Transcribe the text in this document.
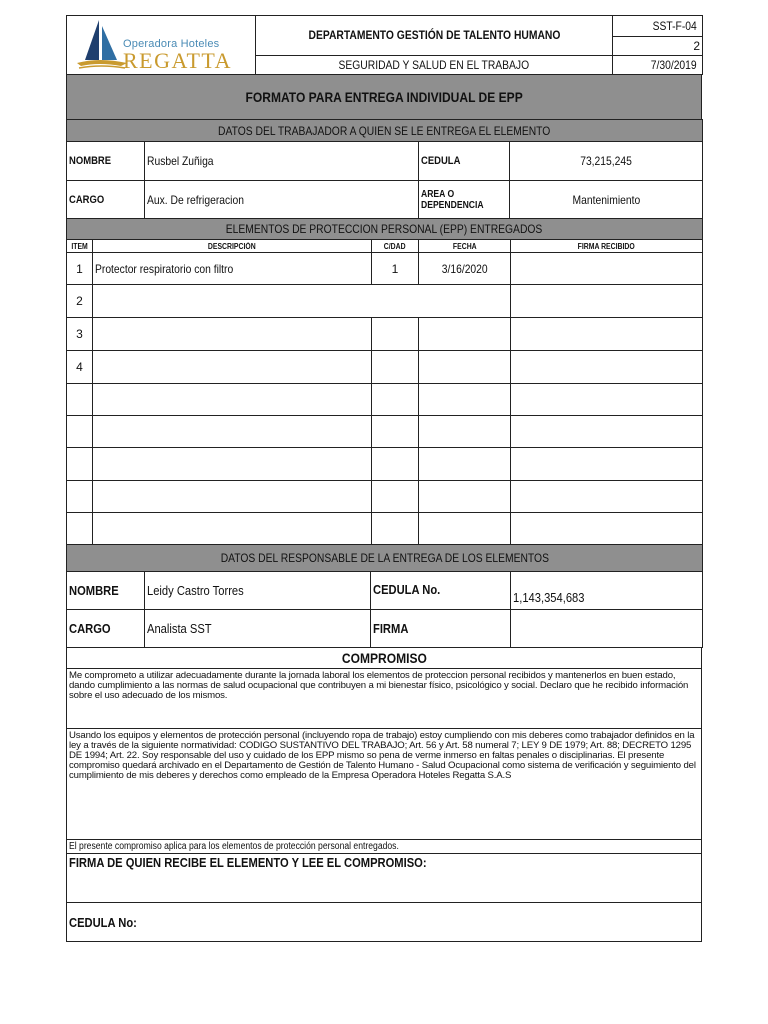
Operadora Hoteles
REGATTA	DEPARTAMENTO GESTIÓN DE TALENTO HUMANO	SST-F-04
		2
	SEGURIDAD Y SALUD EN EL TRABAJO	7/30/2019
FORMATO PARA ENTREGA INDIVIDUAL DE EPP
DATOS DEL TRABAJADOR A QUIEN SE LE ENTREGA EL ELEMENTO			
NOMBRE	Rusbel Zuñiga	CEDULA	73,215,245
CARGO	Aux. De refrigeracion	AREA O
DEPENDENCIA	Mantenimiento
ELEMENTOS DE PROTECCION PERSONAL (EPP) ENTREGADOS				
ITEM	DESCRIPCIÓN	C/DAD	FECHA	FIRMA RECIBIDO
1	Protector respiratorio con filtro	1	3/16/2020	
2				
3				
4				

DATOS DEL RESPONSABLE DE LA ENTREGA DE LOS ELEMENTOS			
NOMBRE	Leidy Castro Torres	CEDULA No.	1,143,354,683
CARGO	Analista SST	FIRMA	
COMPROMISO
Me comprometo a utilizar adecuadamente durante la jornada laboral los elementos de proteccion personal recibidos y mantenerlos en buen estado, dando cumplimiento a las normas de salud ocupacional que contribuyen a mi bienestar físico, psicológico y social. Declaro que he recibido información sobre el uso adecuado de los mismos.
Usando los equipos y elementos de protección personal (incluyendo ropa de trabajo) estoy cumpliendo con mis deberes como trabajador definidos en la ley a través de la siguiente normatividad: CODIGO SUSTANTIVO DEL TRABAJO; Art. 56 y Art. 58 numeral 7; LEY 9 DE 1979; Art. 88; DECRETO 1295 DE 1994; Art. 22. Soy responsable del uso y cuidado de los EPP mismo so pena de verme inmerso en faltas penales o disciplinarias. El presente compromiso quedará archivado en el Departamento de Gestión de Talento Humano - Salud Ocupacional como sistema de verificación y seguimiento del cumplimiento de mis deberes y derechos como empleado de la Empresa Operadora Hoteles Regatta S.A.S
El presente compromiso aplica para los elementos de protección personal entregados.
FIRMA DE QUIEN RECIBE EL ELEMENTO Y LEE EL COMPROMISO:
CEDULA No:
